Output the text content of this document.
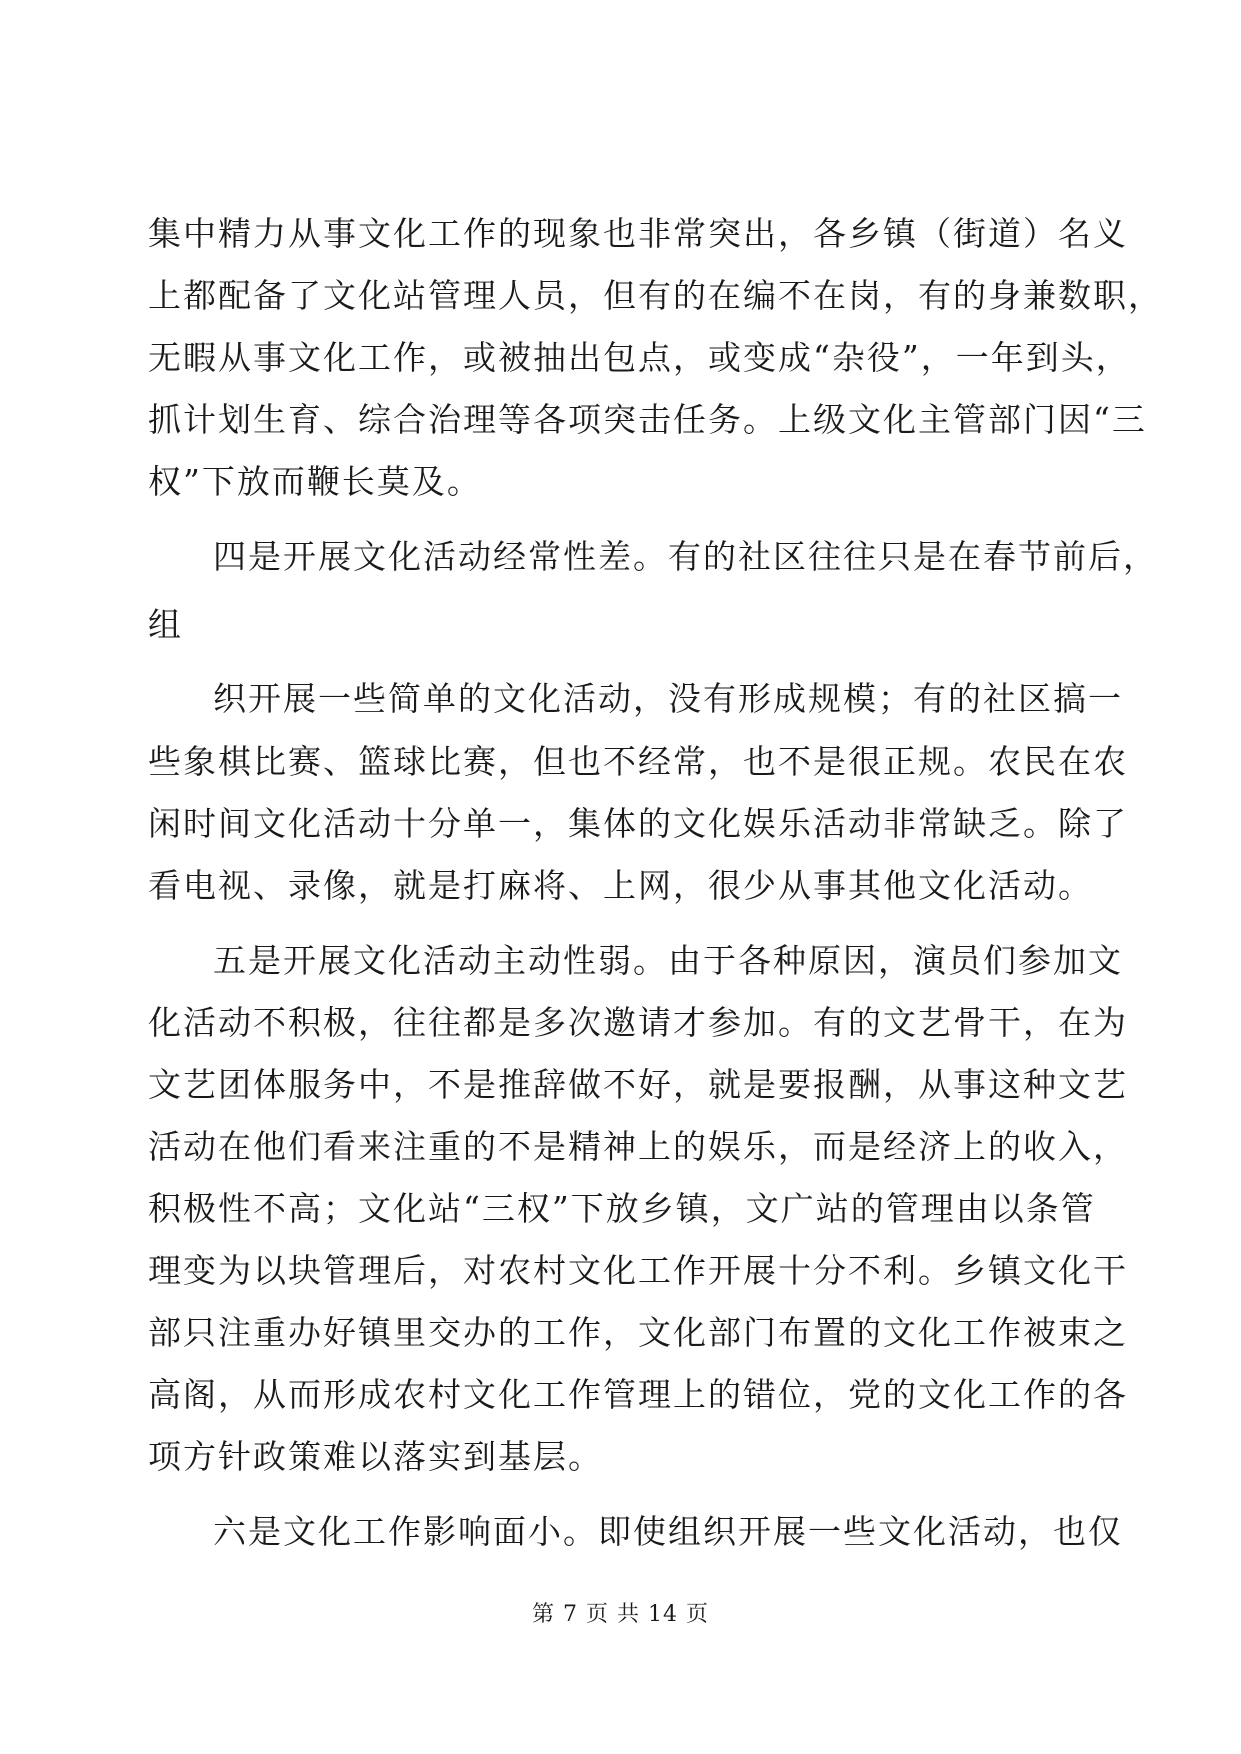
集中精力从事文化工作的现象也非常突出，各乡镇（街道）名义
上都配备了文化站管理人员，但有的在编不在岗，有的身兼数职，
无暇从事文化工作，或被抽出包点，或变成“杂役”，一年到头，
抓计划生育、综合治理等各项突击任务。上级文化主管部门因“三
权”下放而鞭长莫及。
四是开展文化活动经常性差。有的社区往往只是在春节前后，
组
织开展一些简单的文化活动，没有形成规模；有的社区搞一
些象棋比赛、篮球比赛，但也不经常，也不是很正规。农民在农
闲时间文化活动十分单一，集体的文化娱乐活动非常缺乏。除了
看电视、录像，就是打麻将、上网，很少从事其他文化活动。
五是开展文化活动主动性弱。由于各种原因，演员们参加文
化活动不积极，往往都是多次邀请才参加。有的文艺骨干，在为
文艺团体服务中，不是推辞做不好，就是要报酬，从事这种文艺
活动在他们看来注重的不是精神上的娱乐，而是经济上的收入，
积极性不高；文化站“三权”下放乡镇，文广站的管理由以条管
理变为以块管理后，对农村文化工作开展十分不利。乡镇文化干
部只注重办好镇里交办的工作，文化部门布置的文化工作被束之
高阁，从而形成农村文化工作管理上的错位，党的文化工作的各
项方针政策难以落实到基层。
六是文化工作影响面小。即使组织开展一些文化活动，也仅
第 7 页 共 14 页
